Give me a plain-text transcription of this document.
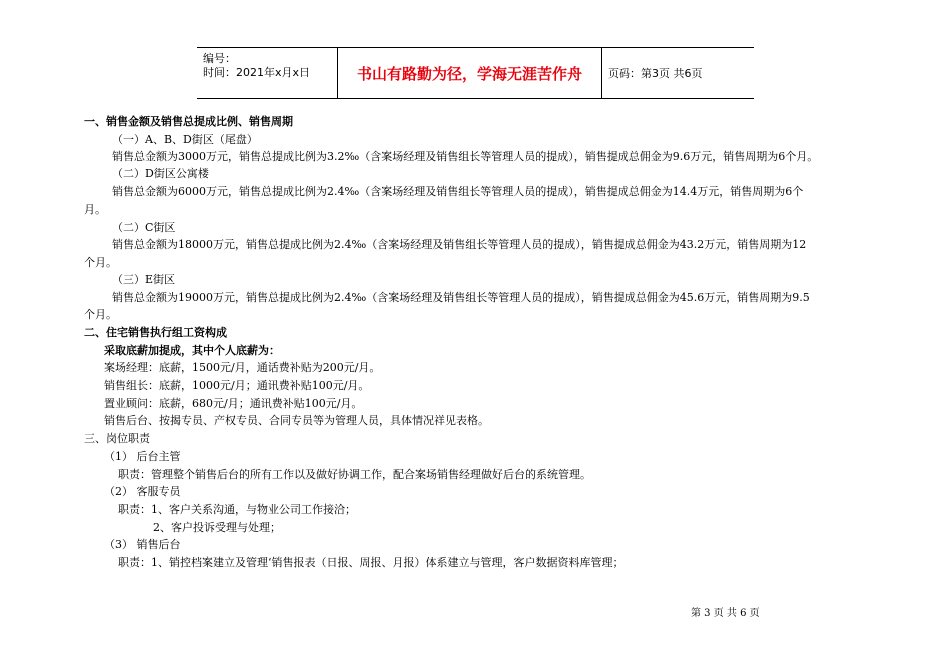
编号：
时间：2021年x月x日	书山有路勤为径，学海无涯苦作舟	页码：第3页 共6页
一、销售金额及销售总提成比例、销售周期
（一）A、B、D街区（尾盘）
销售总金额为3000万元，销售总提成比例为3.2‰（含案场经理及销售组长等管理人员的提成），销售提成总佣金为9.6万元，销售周期为6个月。
（二）D街区公寓楼
销售总金额为6000万元，销售总提成比例为2.4‰（含案场经理及销售组长等管理人员的提成），销售提成总佣金为14.4万元，销售周期为6个
月。
（二）C街区
销售总金额为18000万元，销售总提成比例为2.4‰（含案场经理及销售组长等管理人员的提成），销售提成总佣金为43.2万元，销售周期为12
个月。
（三）E街区
销售总金额为19000万元，销售总提成比例为2.4‰（含案场经理及销售组长等管理人员的提成），销售提成总佣金为45.6万元，销售周期为9.5
个月。
二、住宅销售执行组工资构成
采取底薪加提成，其中个人底薪为：
案场经理：底薪，1500元/月，通话费补贴为200元/月。
销售组长：底薪，1000元/月；通讯费补贴100元/月。
置业顾问：底薪，680元/月；通讯费补贴100元/月。
销售后台、按揭专员、产权专员、合同专员等为管理人员，具体情况祥见表格。
三、岗位职责
（1） 后台主管
职责：管理整个销售后台的所有工作以及做好协调工作，配合案场销售经理做好后台的系统管理。
（2） 客服专员
职责：1、客户关系沟通，与物业公司工作接洽；
2、客户投诉受理与处理；
（3） 销售后台
职责：1、销控档案建立及管理‘销售报表（日报、周报、月报）体系建立与管理，客户数据资料库管理；
第 3 页 共 6 页
